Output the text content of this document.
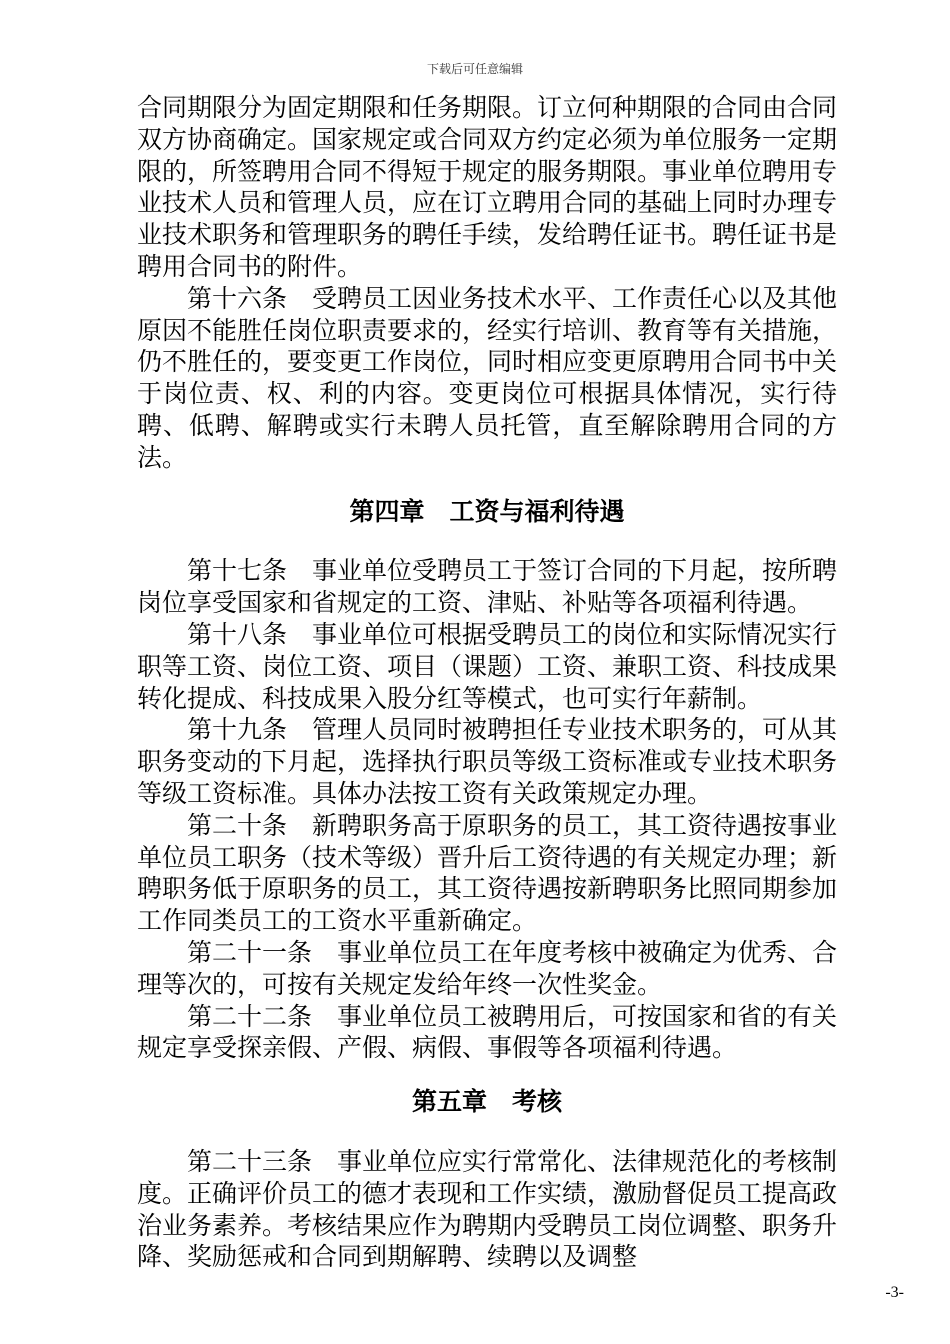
下载后可任意编辑

合同期限分为固定期限和任务期限。订立何种期限的合同由合同双方协商确定。国家规定或合同双方约定必须为单位服务一定期限的，所签聘用合同不得短于规定的服务期限。事业单位聘用专业技术人员和管理人员，应在订立聘用合同的基础上同时办理专业技术职务和管理职务的聘任手续，发给聘任证书。聘任证书是聘用合同书的附件。

第十六条　受聘员工因业务技术水平、工作责任心以及其他原因不能胜任岗位职责要求的，经实行培训、教育等有关措施，仍不胜任的，要变更工作岗位，同时相应变更原聘用合同书中关于岗位责、权、利的内容。变更岗位可根据具体情况，实行待聘、低聘、解聘或实行未聘人员托管，直至解除聘用合同的方法。

第四章　工资与福利待遇

第十七条　事业单位受聘员工于签订合同的下月起，按所聘岗位享受国家和省规定的工资、津贴、补贴等各项福利待遇。

第十八条　事业单位可根据受聘员工的岗位和实际情况实行职等工资、岗位工资、项目（课题）工资、兼职工资、科技成果转化提成、科技成果入股分红等模式，也可实行年薪制。

第十九条　管理人员同时被聘担任专业技术职务的，可从其职务变动的下月起，选择执行职员等级工资标准或专业技术职务等级工资标准。具体办法按工资有关政策规定办理。

第二十条　新聘职务高于原职务的员工，其工资待遇按事业单位员工职务（技术等级）晋升后工资待遇的有关规定办理；新聘职务低于原职务的员工，其工资待遇按新聘职务比照同期参加工作同类员工的工资水平重新确定。

第二十一条　事业单位员工在年度考核中被确定为优秀、合理等次的，可按有关规定发给年终一次性奖金。

第二十二条　事业单位员工被聘用后，可按国家和省的有关规定享受探亲假、产假、病假、事假等各项福利待遇。

第五章　考核

第二十三条　事业单位应实行常常化、法律规范化的考核制度。正确评价员工的德才表现和工作实绩，激励督促员工提高政治业务素养。考核结果应作为聘期内受聘员工岗位调整、职务升降、奖励惩戒和合同到期解聘、续聘以及调整

-3-
